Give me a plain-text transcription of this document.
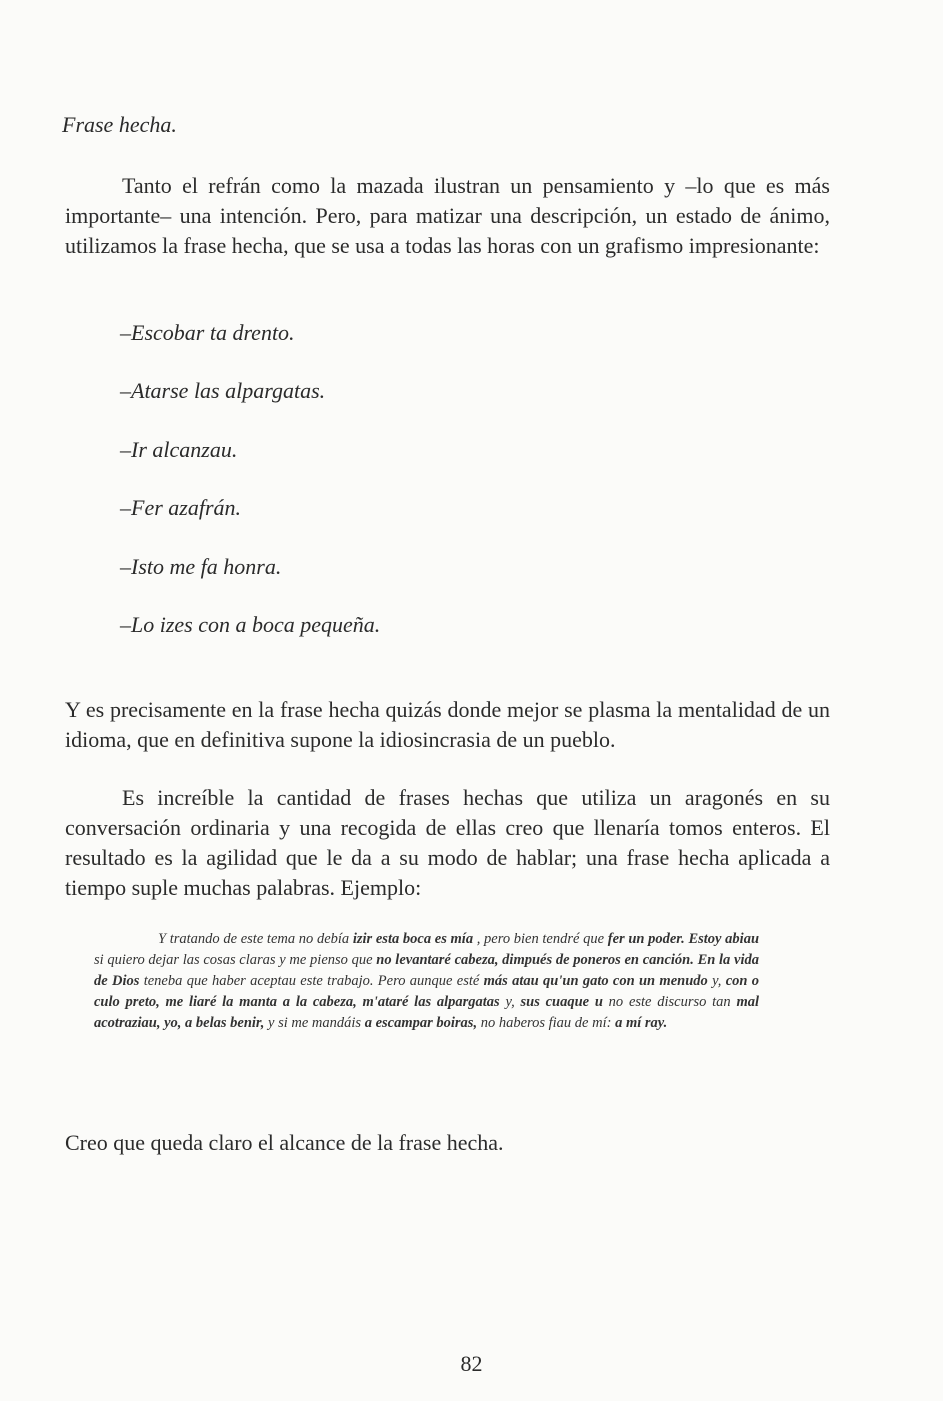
Frase hecha.

Tanto el refrán como la mazada ilustran un pensamiento y –lo que es más importante– una intención. Pero, para matizar una descripción, un estado de ánimo, utilizamos la frase hecha, que se usa a todas las horas con un grafismo impresionante:

–Escobar ta drento.
–Atarse las alpargatas.
–Ir alcanzau.
–Fer azafrán.
–Isto me fa honra.
–Lo izes con a boca pequeña.

Y es precisamente en la frase hecha quizás donde mejor se plasma la mentalidad de un idioma, que en definitiva supone la idiosincrasia de un pueblo.

Es increíble la cantidad de frases hechas que utiliza un aragonés en su conversación ordinaria y una recogida de ellas creo que llenaría tomos enteros. El resultado es la agilidad que le da a su modo de hablar; una frase hecha aplicada a tiempo suple muchas palabras. Ejemplo:

Y tratando de este tema no debía izir esta boca es mía , pero bien tendré que fer un poder. Estoy abiau si quiero dejar las cosas claras y me pienso que no levantaré cabeza, dimpués de poneros en canción. En la vida de Dios teneba que haber aceptau este trabajo. Pero aunque esté más atau qu'un gato con un menudo y, con o culo preto, me liaré la manta a la cabeza, m'ataré las alpargatas y, sus cuaque u no este discurso tan mal acotraziau, yo, a belas benir, y si me mandáis a escampar boiras, no haberos fiau de mí: a mí ray.

Creo que queda claro el alcance de la frase hecha.

82
